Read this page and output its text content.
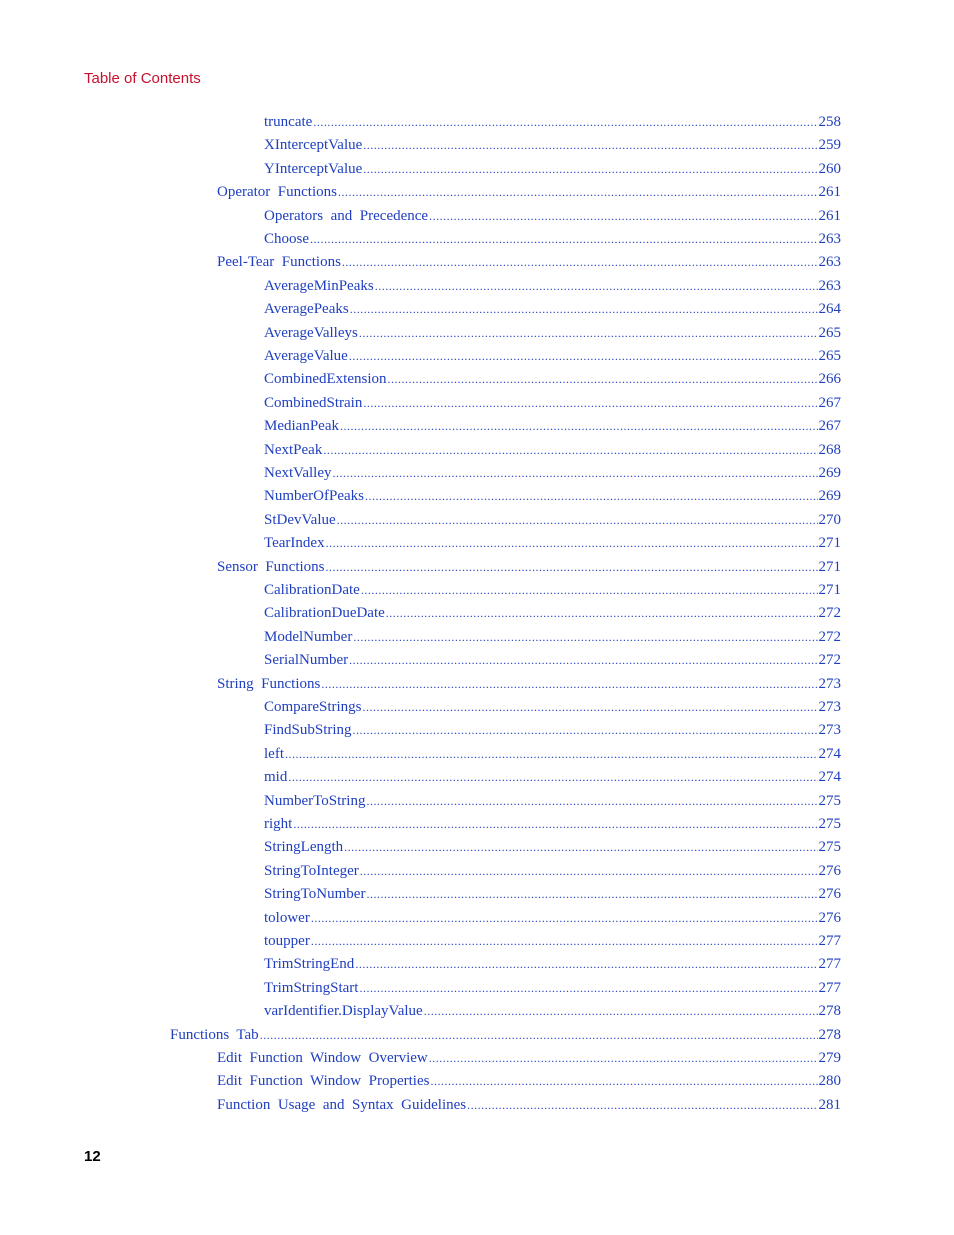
Table of Contents
truncate .....	258
XInterceptValue .....	259
YInterceptValue .....	260
Operator  Functions .....	261
Operators  and  Precedence .....	261
Choose .....	263
Peel-Tear  Functions .....	263
AverageMinPeaks .....	263
AveragePeaks .....	264
AverageValleys .....	265
AverageValue .....	265
CombinedExtension .....	266
CombinedStrain .....	267
MedianPeak .....	267
NextPeak .....	268
NextValley .....	269
NumberOfPeaks .....	269
StDevValue .....	270
TearIndex .....	271
Sensor  Functions .....	271
CalibrationDate .....	271
CalibrationDueDate .....	272
ModelNumber .....	272
SerialNumber .....	272
String  Functions .....	273
CompareStrings .....	273
FindSubString .....	273
left .....	274
mid .....	274
NumberToString .....	275
right .....	275
StringLength .....	275
StringToInteger .....	276
StringToNumber .....	276
tolower .....	276
toupper .....	277
TrimStringEnd .....	277
TrimStringStart .....	277
varIdentifier.DisplayValue .....	278
Functions  Tab .....	278
Edit  Function  Window  Overview .....	279
Edit  Function  Window  Properties .....	280
Function  Usage  and  Syntax  Guidelines .....	281
12
